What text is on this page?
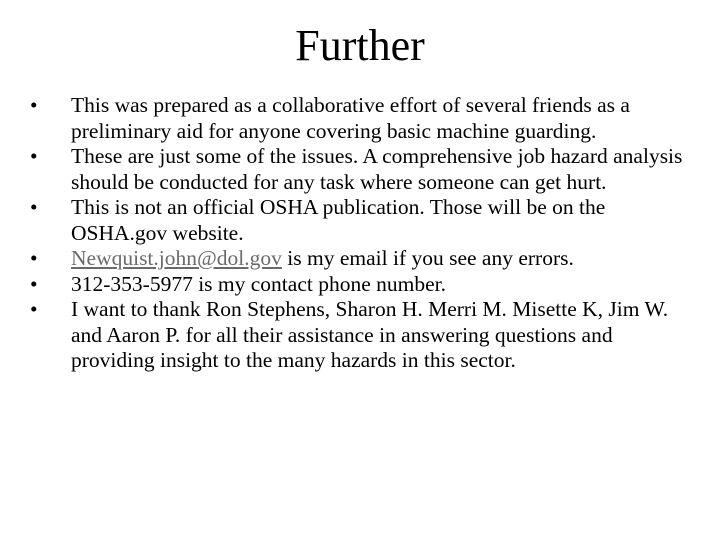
Further
•	This was prepared as a collaborative effort of several friends as a preliminary aid for anyone covering basic machine guarding.
•	These are just some of the issues. A comprehensive job hazard analysis should be conducted for any task where someone can get hurt.
•	This is not an official OSHA publication. Those will be on the OSHA.gov website.
•	Newquist.john@dol.gov is my email if you see any errors.
•	312-353-5977 is my contact phone number.
•	I want to thank Ron Stephens, Sharon H. Merri M. Misette K, Jim W. and Aaron P. for all their assistance in answering questions and providing insight to the many hazards in this sector.
